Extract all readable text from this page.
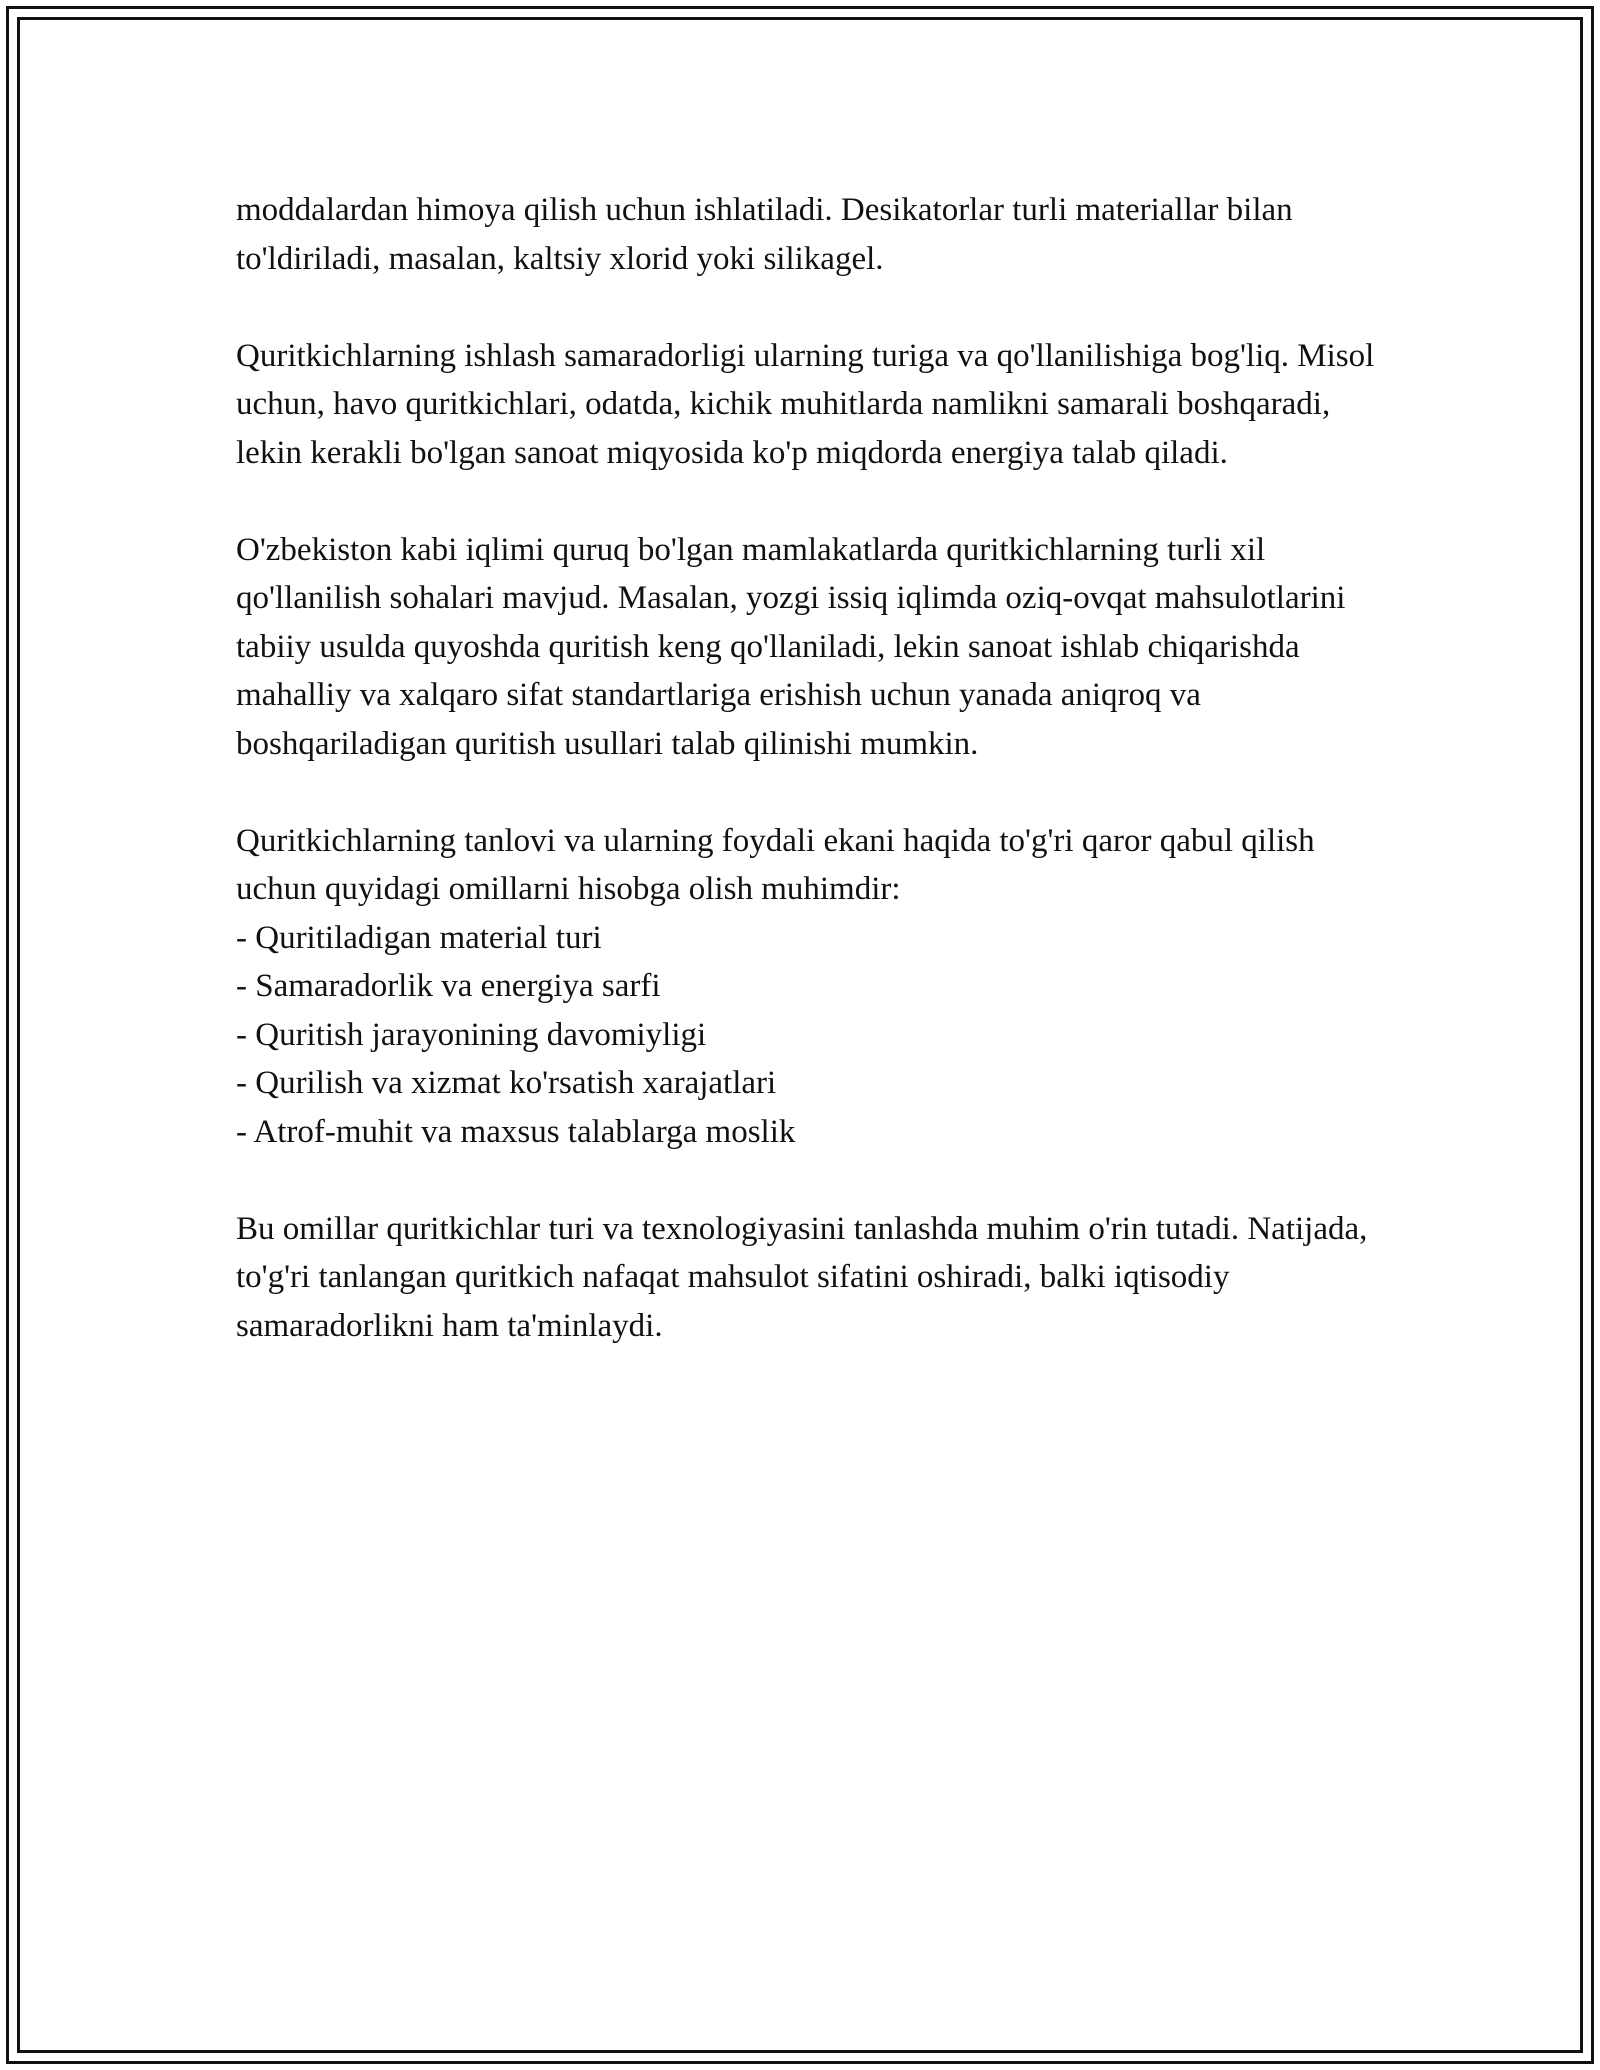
moddalardan himoya qilish uchun ishlatiladi. Desikatorlar turli materiallar bilan to'ldiriladi, masalan, kaltsiy xlorid yoki silikagel.

Quritkichlarning ishlash samaradorligi ularning turiga va qo'llanilishiga bog'liq. Misol uchun, havo quritkichlari, odatda, kichik muhitlarda namlikni samarali boshqaradi, lekin kerakli bo'lgan sanoat miqyosida ko'p miqdorda energiya talab qiladi.

O'zbekiston kabi iqlimi quruq bo'lgan mamlakatlarda quritkichlarning turli xil qo'llanilish sohalari mavjud. Masalan, yozgi issiq iqlimda oziq-ovqat mahsulotlarini tabiiy usulda quyoshda quritish keng qo'llaniladi, lekin sanoat ishlab chiqarishda mahalliy va xalqaro sifat standartlariga erishish uchun yanada aniqroq va boshqariladigan quritish usullari talab qilinishi mumkin.

Quritkichlarning tanlovi va ularning foydali ekani haqida to'g'ri qaror qabul qilish uchun quyidagi omillarni hisobga olish muhimdir:

- Quritiladigan material turi
- Samaradorlik va energiya sarfi
- Quritish jarayonining davomiyligi
- Qurilish va xizmat ko'rsatish xarajatlari
- Atrof-muhit va maxsus talablarga moslik

Bu omillar quritkichlar turi va texnologiyasini tanlashda muhim o'rin tutadi. Natijada, to'g'ri tanlangan quritkich nafaqat mahsulot sifatini oshiradi, balki iqtisodiy samaradorlikni ham ta'minlaydi.
